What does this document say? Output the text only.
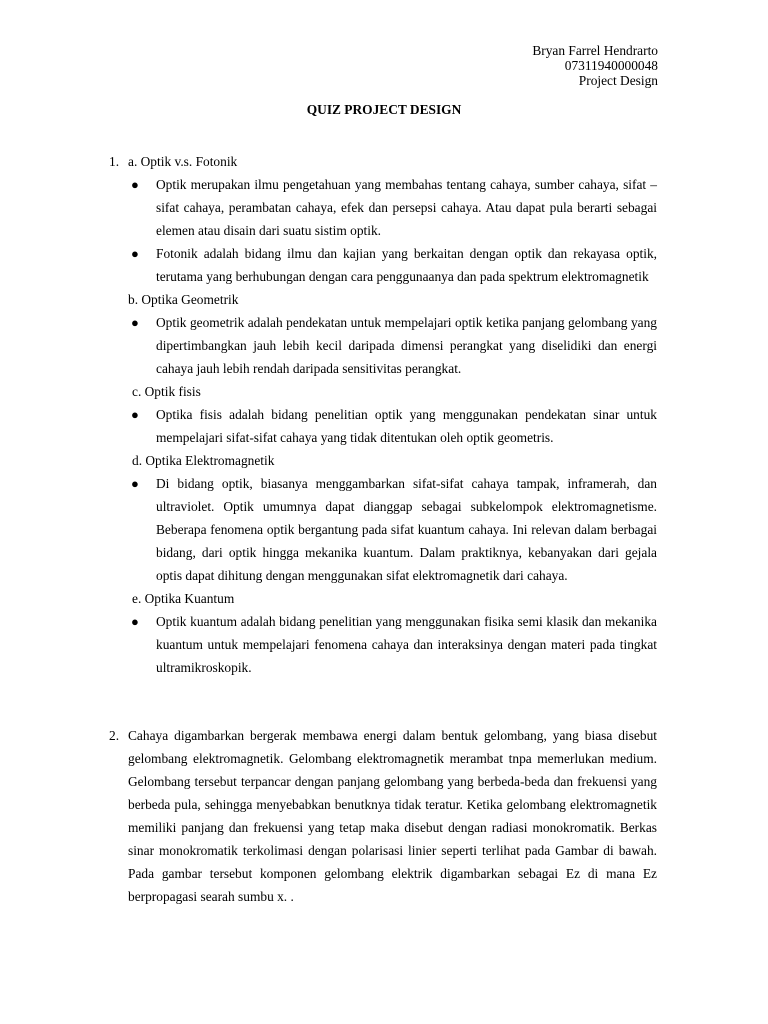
Bryan Farrel Hendrarto
07311940000048
Project Design
QUIZ PROJECT DESIGN
1. a. Optik v.s. Fotonik
● Optik merupakan ilmu pengetahuan yang membahas tentang cahaya, sumber cahaya, sifat – sifat cahaya, perambatan cahaya, efek dan persepsi cahaya. Atau dapat pula berarti sebagai elemen atau disain dari suatu sistim optik.
● Fotonik adalah bidang ilmu dan kajian yang berkaitan dengan optik dan rekayasa optik, terutama yang berhubungan dengan cara penggunaanya dan pada spektrum elektromagnetik
b. Optika Geometrik
● Optik geometrik adalah pendekatan untuk mempelajari optik ketika panjang gelombang yang dipertimbangkan jauh lebih kecil daripada dimensi perangkat yang diselidiki dan energi cahaya jauh lebih rendah daripada sensitivitas perangkat.
c. Optik fisis
● Optika fisis adalah bidang penelitian optik yang menggunakan pendekatan sinar untuk mempelajari sifat-sifat cahaya yang tidak ditentukan oleh optik geometris.
d. Optika Elektromagnetik
● Di bidang optik, biasanya menggambarkan sifat-sifat cahaya tampak, inframerah, dan ultraviolet. Optik umumnya dapat dianggap sebagai subkelompok elektromagnetisme. Beberapa fenomena optik bergantung pada sifat kuantum cahaya. Ini relevan dalam berbagai bidang, dari optik hingga mekanika kuantum. Dalam praktiknya, kebanyakan dari gejala optis dapat dihitung dengan menggunakan sifat elektromagnetik dari cahaya.
e. Optika Kuantum
● Optik kuantum adalah bidang penelitian yang menggunakan fisika semi klasik dan mekanika kuantum untuk mempelajari fenomena cahaya dan interaksinya dengan materi pada tingkat ultramikroskopik.
2. Cahaya digambarkan bergerak membawa energi dalam bentuk gelombang, yang biasa disebut gelombang elektromagnetik. Gelombang elektromagnetik merambat tnpa memerlukan medium. Gelombang tersebut terpancar dengan panjang gelombang yang berbeda-beda dan frekuensi yang berbeda pula, sehingga menyebabkan benutknya tidak teratur. Ketika gelombang elektromagnetik memiliki panjang dan frekuensi yang tetap maka disebut dengan radiasi monokromatik. Berkas sinar monokromatik terkolimasi dengan polarisasi linier seperti terlihat pada Gambar di bawah. Pada gambar tersebut komponen gelombang elektrik digambarkan sebagai Ez di mana Ez berpropagasi searah sumbu x. .
